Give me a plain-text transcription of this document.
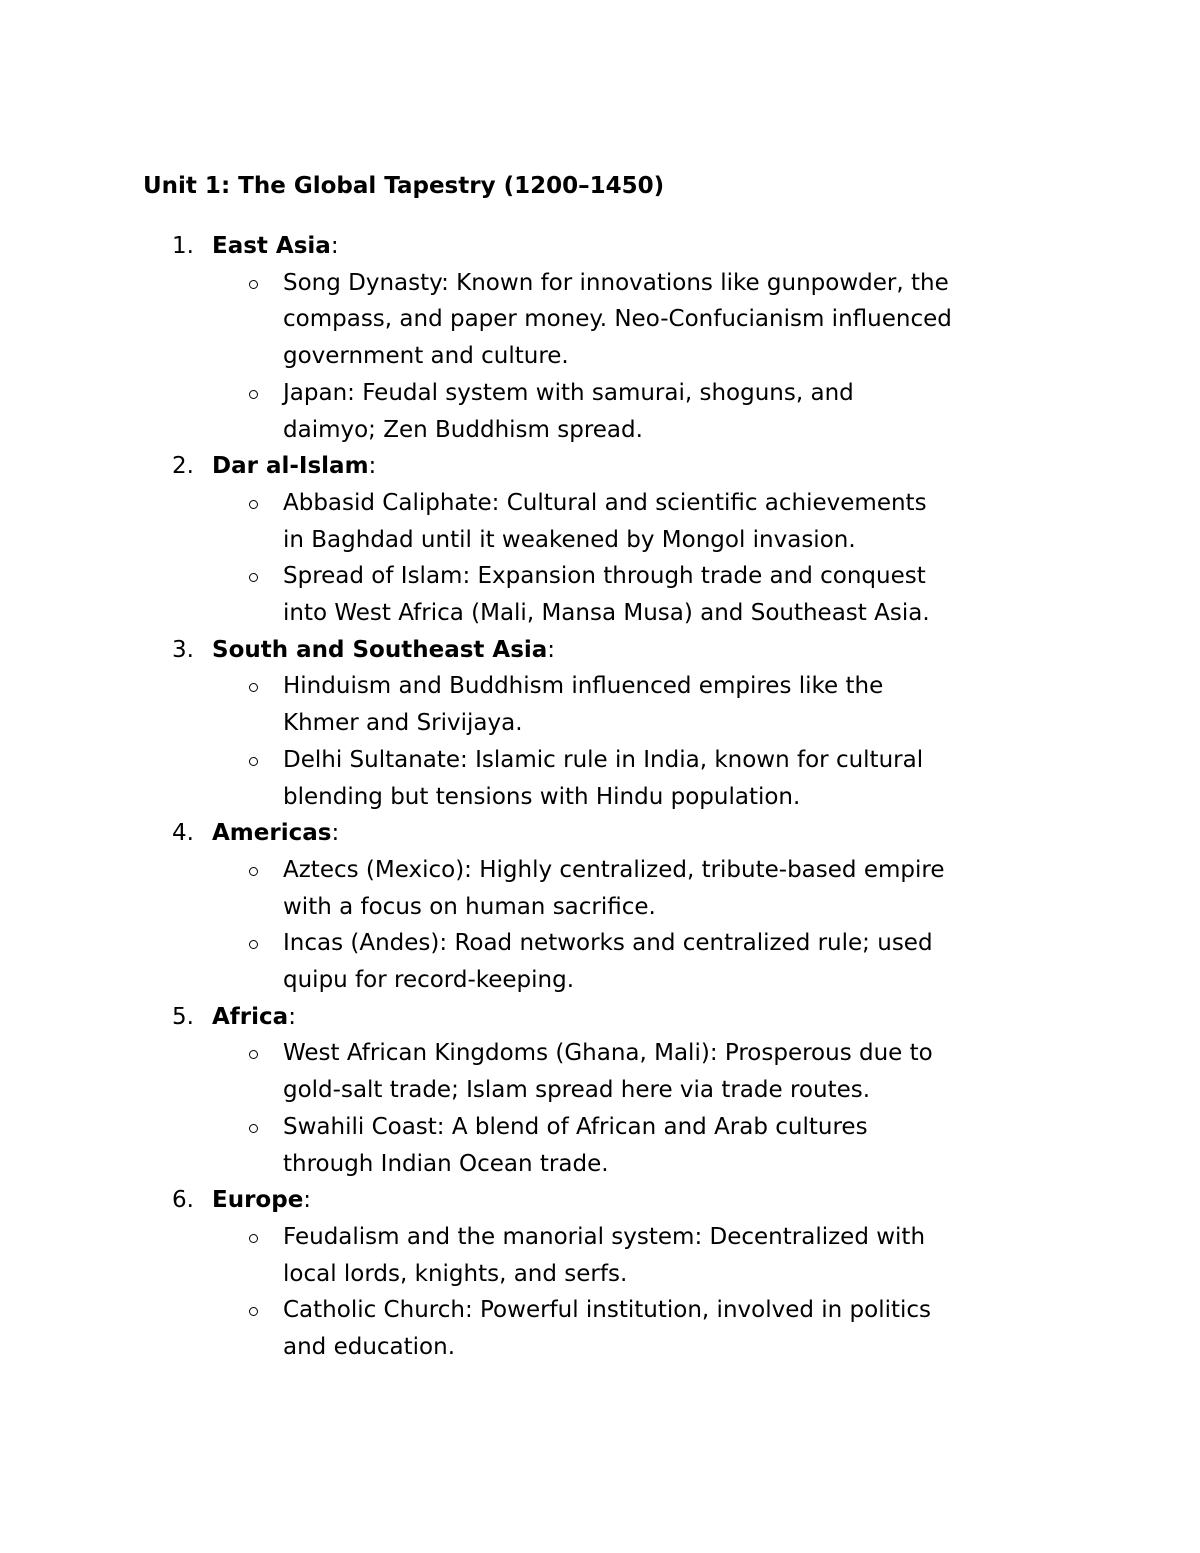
Unit 1: The Global Tapestry (1200–1450)
1. East Asia :
Song Dynasty: Known for innovations like gunpowder, the compass, and paper money. Neo-Confucianism influenced government and culture.
Japan: Feudal system with samurai, shoguns, and daimyo; Zen Buddhism spread.
2. Dar al-Islam :
Abbasid Caliphate: Cultural and scientific achievements in Baghdad until it weakened by Mongol invasion.
Spread of Islam: Expansion through trade and conquest into West Africa (Mali, Mansa Musa) and Southeast Asia.
3. South and Southeast Asia :
Hinduism and Buddhism influenced empires like the Khmer and Srivijaya.
Delhi Sultanate: Islamic rule in India, known for cultural blending but tensions with Hindu population.
4. Americas :
Aztecs (Mexico): Highly centralized, tribute-based empire with a focus on human sacrifice.
Incas (Andes): Road networks and centralized rule; used quipu for record-keeping.
5. Africa :
West African Kingdoms (Ghana, Mali): Prosperous due to gold-salt trade; Islam spread here via trade routes.
Swahili Coast: A blend of African and Arab cultures through Indian Ocean trade.
6. Europe :
Feudalism and the manorial system: Decentralized with local lords, knights, and serfs.
Catholic Church: Powerful institution, involved in politics and education.
